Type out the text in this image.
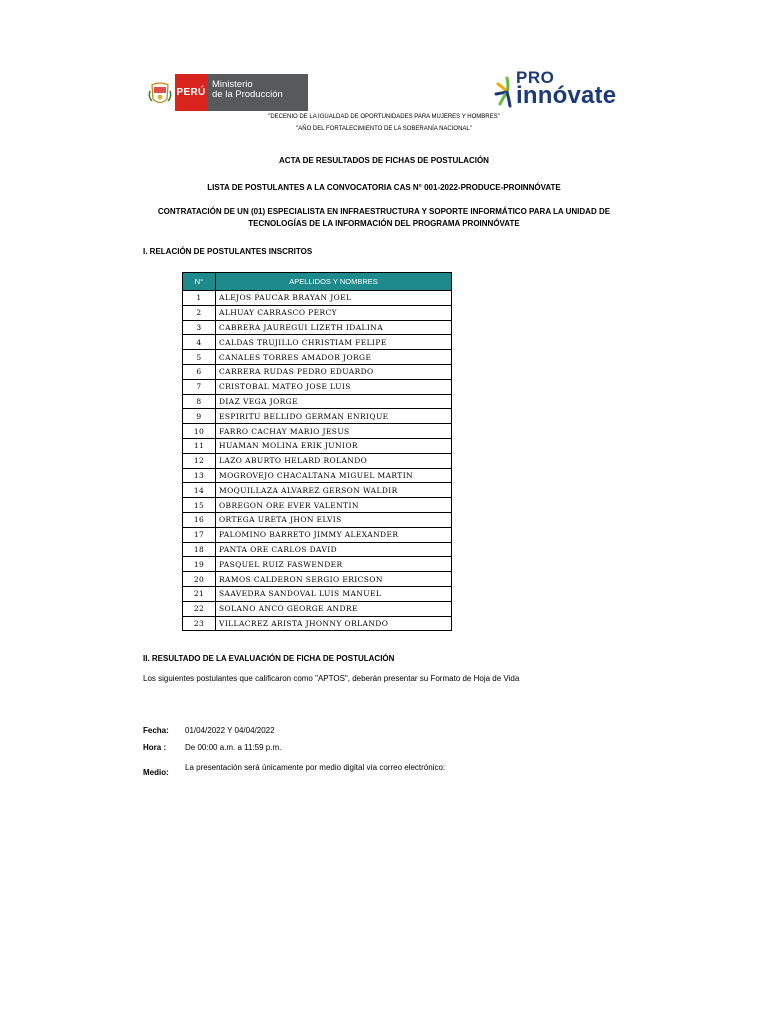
PERÚ
Ministerio
de la Producción
PRO
innóvate
"DECENIO DE LA IGUALDAD DE OPORTUNIDADES PARA MUJERES Y HOMBRES"
"AÑO DEL FORTALECIMIENTO DE LA SOBERANÍA NACIONAL"
ACTA DE RESULTADOS DE FICHAS DE POSTULACIÓN
LISTA DE POSTULANTES A LA CONVOCATORIA CAS N° 001-2022-PRODUCE-PROINNÓVATE
CONTRATACIÓN DE UN (01) ESPECIALISTA EN INFRAESTRUCTURA Y SOPORTE INFORMÁTICO PARA LA UNIDAD DE
TECNOLOGÍAS DE LA INFORMACIÓN DEL PROGRAMA PROINNÓVATE
I. RELACIÓN DE POSTULANTES INSCRITOS
N°	APELLIDOS Y NOMBRES
1	ALEJOS PAUCAR BRAYAN JOEL
2	ALHUAY CARRASCO PERCY
3	CABRERA JAUREGUI LIZETH IDALINA
4	CALDAS TRUJILLO CHRISTIAM FELIPE
5	CANALES TORRES AMADOR JORGE
6	CARRERA RUDAS PEDRO EDUARDO
7	CRISTOBAL MATEO JOSE LUIS
8	DIAZ VEGA JORGE
9	ESPIRITU BELLIDO GERMAN ENRIQUE
10	FARRO CACHAY MARIO JESUS
11	HUAMAN MOLINA ERIK JUNIOR
12	LAZO ABURTO HELARD ROLANDO
13	MOGROVEJO CHACALTANA MIGUEL MARTIN
14	MOQUILLAZA ALVAREZ GERSON WALDIR
15	OBREGON ORE EVER VALENTIN
16	ORTEGA URETA JHON ELVIS
17	PALOMINO BARRETO JIMMY ALEXANDER
18	PANTA ORE CARLOS DAVID
19	PASQUEL RUIZ FASWENDER
20	RAMOS CALDERON SERGIO ERICSON
21	SAAVEDRA SANDOVAL LUIS MANUEL
22	SOLANO ANCO GEORGE ANDRE
23	VILLACREZ ARISTA JHONNY ORLANDO
II. RESULTADO DE LA EVALUACIÓN DE FICHA DE POSTULACIÓN
Los siguientes postulantes que calificaron como "APTOS", deberán presentar su Formato de Hoja de Vida
Fecha: 01/04/2022 Y 04/04/2022
Hora : De 00:00 a.m. a 11:59 p.m.
Medio:
La presentación será únicamente por medio digital vía correo electrónico:
